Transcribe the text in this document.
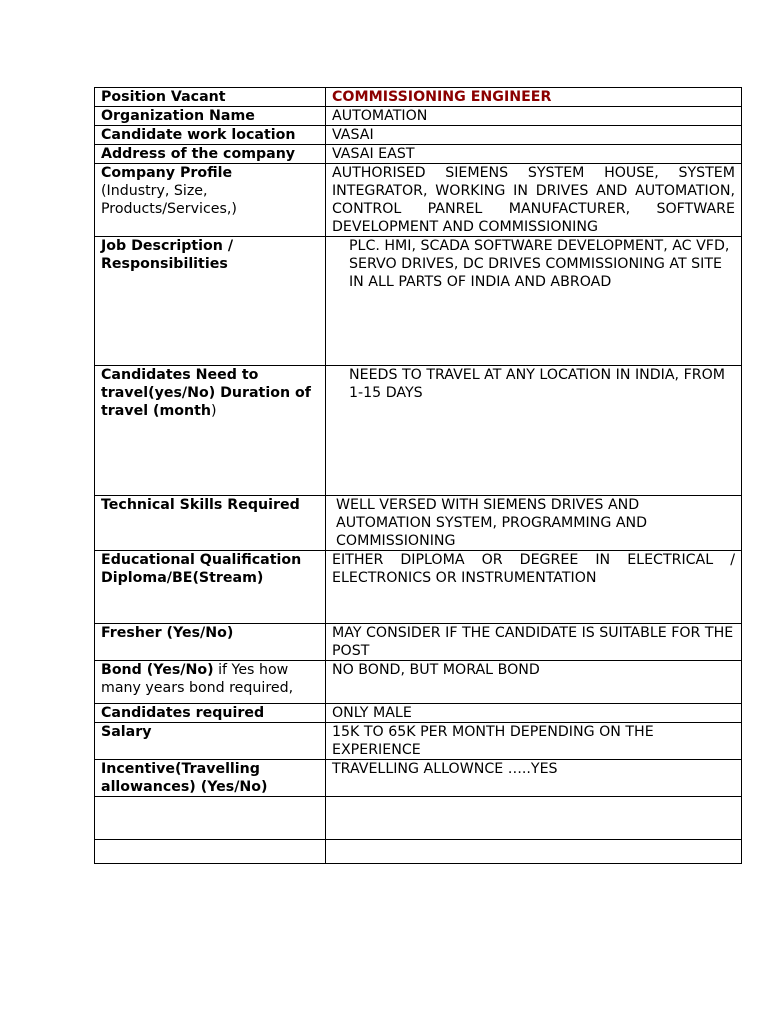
Position Vacant	COMMISSIONING ENGINEER
Organization Name	AUTOMATION
Candidate work location	VASAI
Address of the company	VASAI EAST
Company Profile
(Industry, Size, Products/Services,)	AUTHORISED SIEMENS SYSTEM HOUSE, SYSTEM INTEGRATOR, WORKING IN DRIVES AND AUTOMATION, CONTROL PANREL MANUFACTURER, SOFTWARE DEVELOPMENT AND COMMISSIONING
Job Description / Responsibilities	PLC. HMI, SCADA SOFTWARE DEVELOPMENT, AC VFD, SERVO DRIVES, DC DRIVES COMMISSIONING AT SITE IN ALL PARTS OF INDIA AND ABROAD
Candidates Need to travel(yes/No) Duration of travel (month)	NEEDS TO TRAVEL AT ANY LOCATION IN INDIA, FROM 1-15 DAYS
Technical Skills Required	WELL VERSED WITH SIEMENS DRIVES AND AUTOMATION SYSTEM, PROGRAMMING AND COMMISSIONING
Educational Qualification Diploma/BE(Stream)	EITHER DIPLOMA OR DEGREE IN ELECTRICAL / ELECTRONICS OR INSTRUMENTATION
Fresher (Yes/No)	MAY CONSIDER IF THE CANDIDATE IS SUITABLE FOR THE POST
Bond (Yes/No) if Yes how many years bond required,	NO BOND, BUT MORAL BOND
Candidates required	ONLY MALE
Salary	15K TO 65K PER MONTH DEPENDING ON THE EXPERIENCE
Incentive(Travelling allowances) (Yes/No)	TRAVELLING ALLOWNCE …..YES
